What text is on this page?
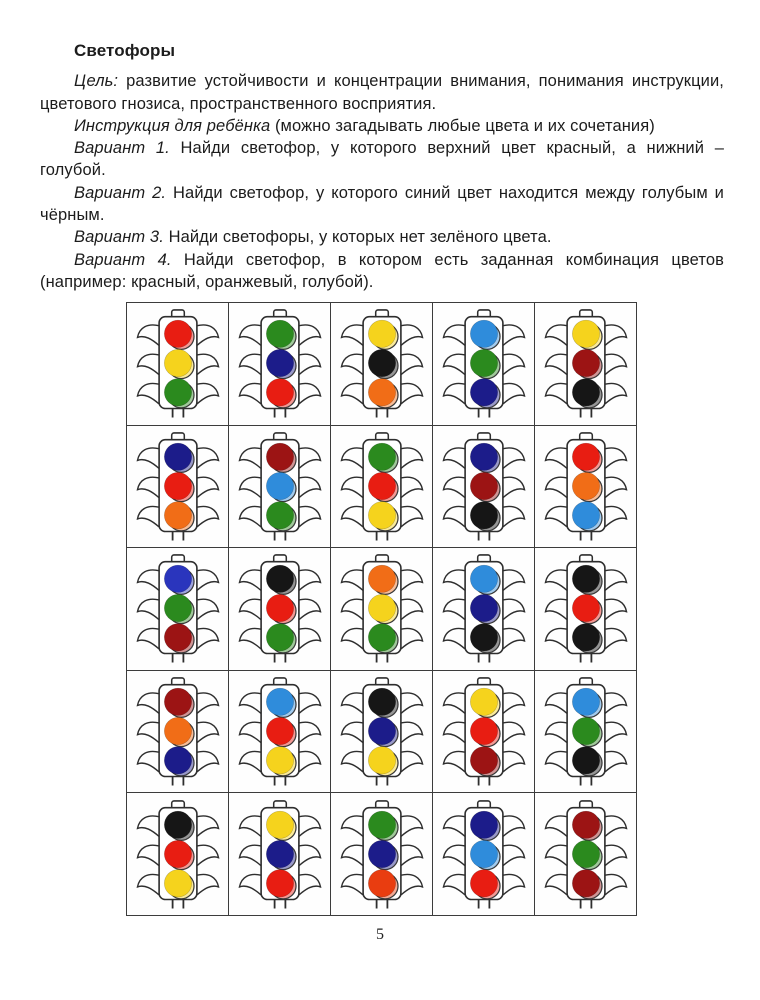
Светофоры

Цель: развитие устойчивости и концентрации внимания, понимания инструкции, цветового гнозиса, пространственного восприятия.

Инструкция для ребёнка (можно загадывать любые цвета и их сочетания)

Вариант 1. Найди светофор, у которого верхний цвет красный, а нижний – голубой.

Вариант 2. Найди светофор, у которого синий цвет находится между голубым и чёрным.

Вариант 3. Найди светофоры, у которых нет зелёного цвета.

Вариант 4. Найди светофор, в котором есть заданная комбинация цветов (например: красный, оранжевый, голубой).

5
